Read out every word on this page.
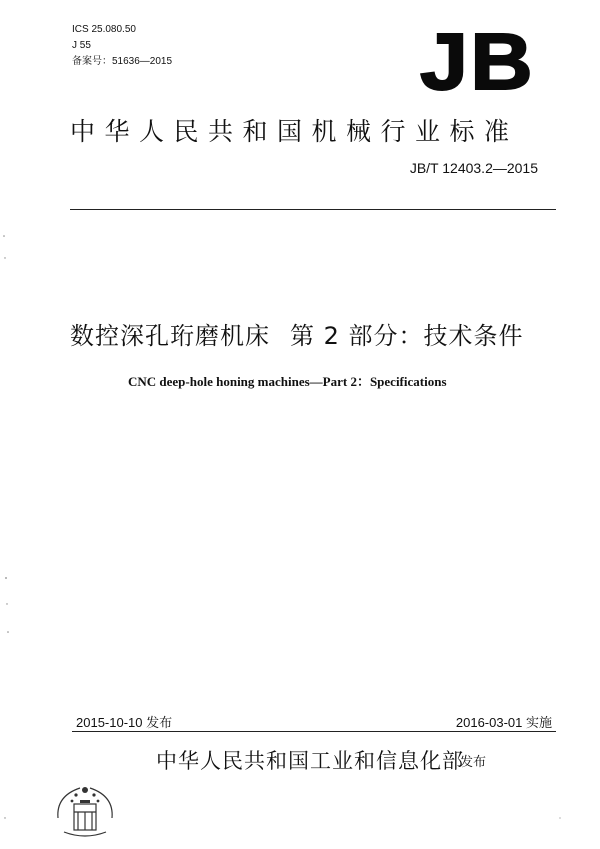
ICS 25.080.50
J 55
备案号：51636—2015	JB
中华人民共和国机械行业标准
JB/T 12403.2—2015
数控深孔珩磨机床 第 2 部分：技术条件
CNC deep-hole honing machines—Part 2：Specifications
2015-10-10 发布	2016-03-01 实施
中华人民共和国工业和信息化部
发布
